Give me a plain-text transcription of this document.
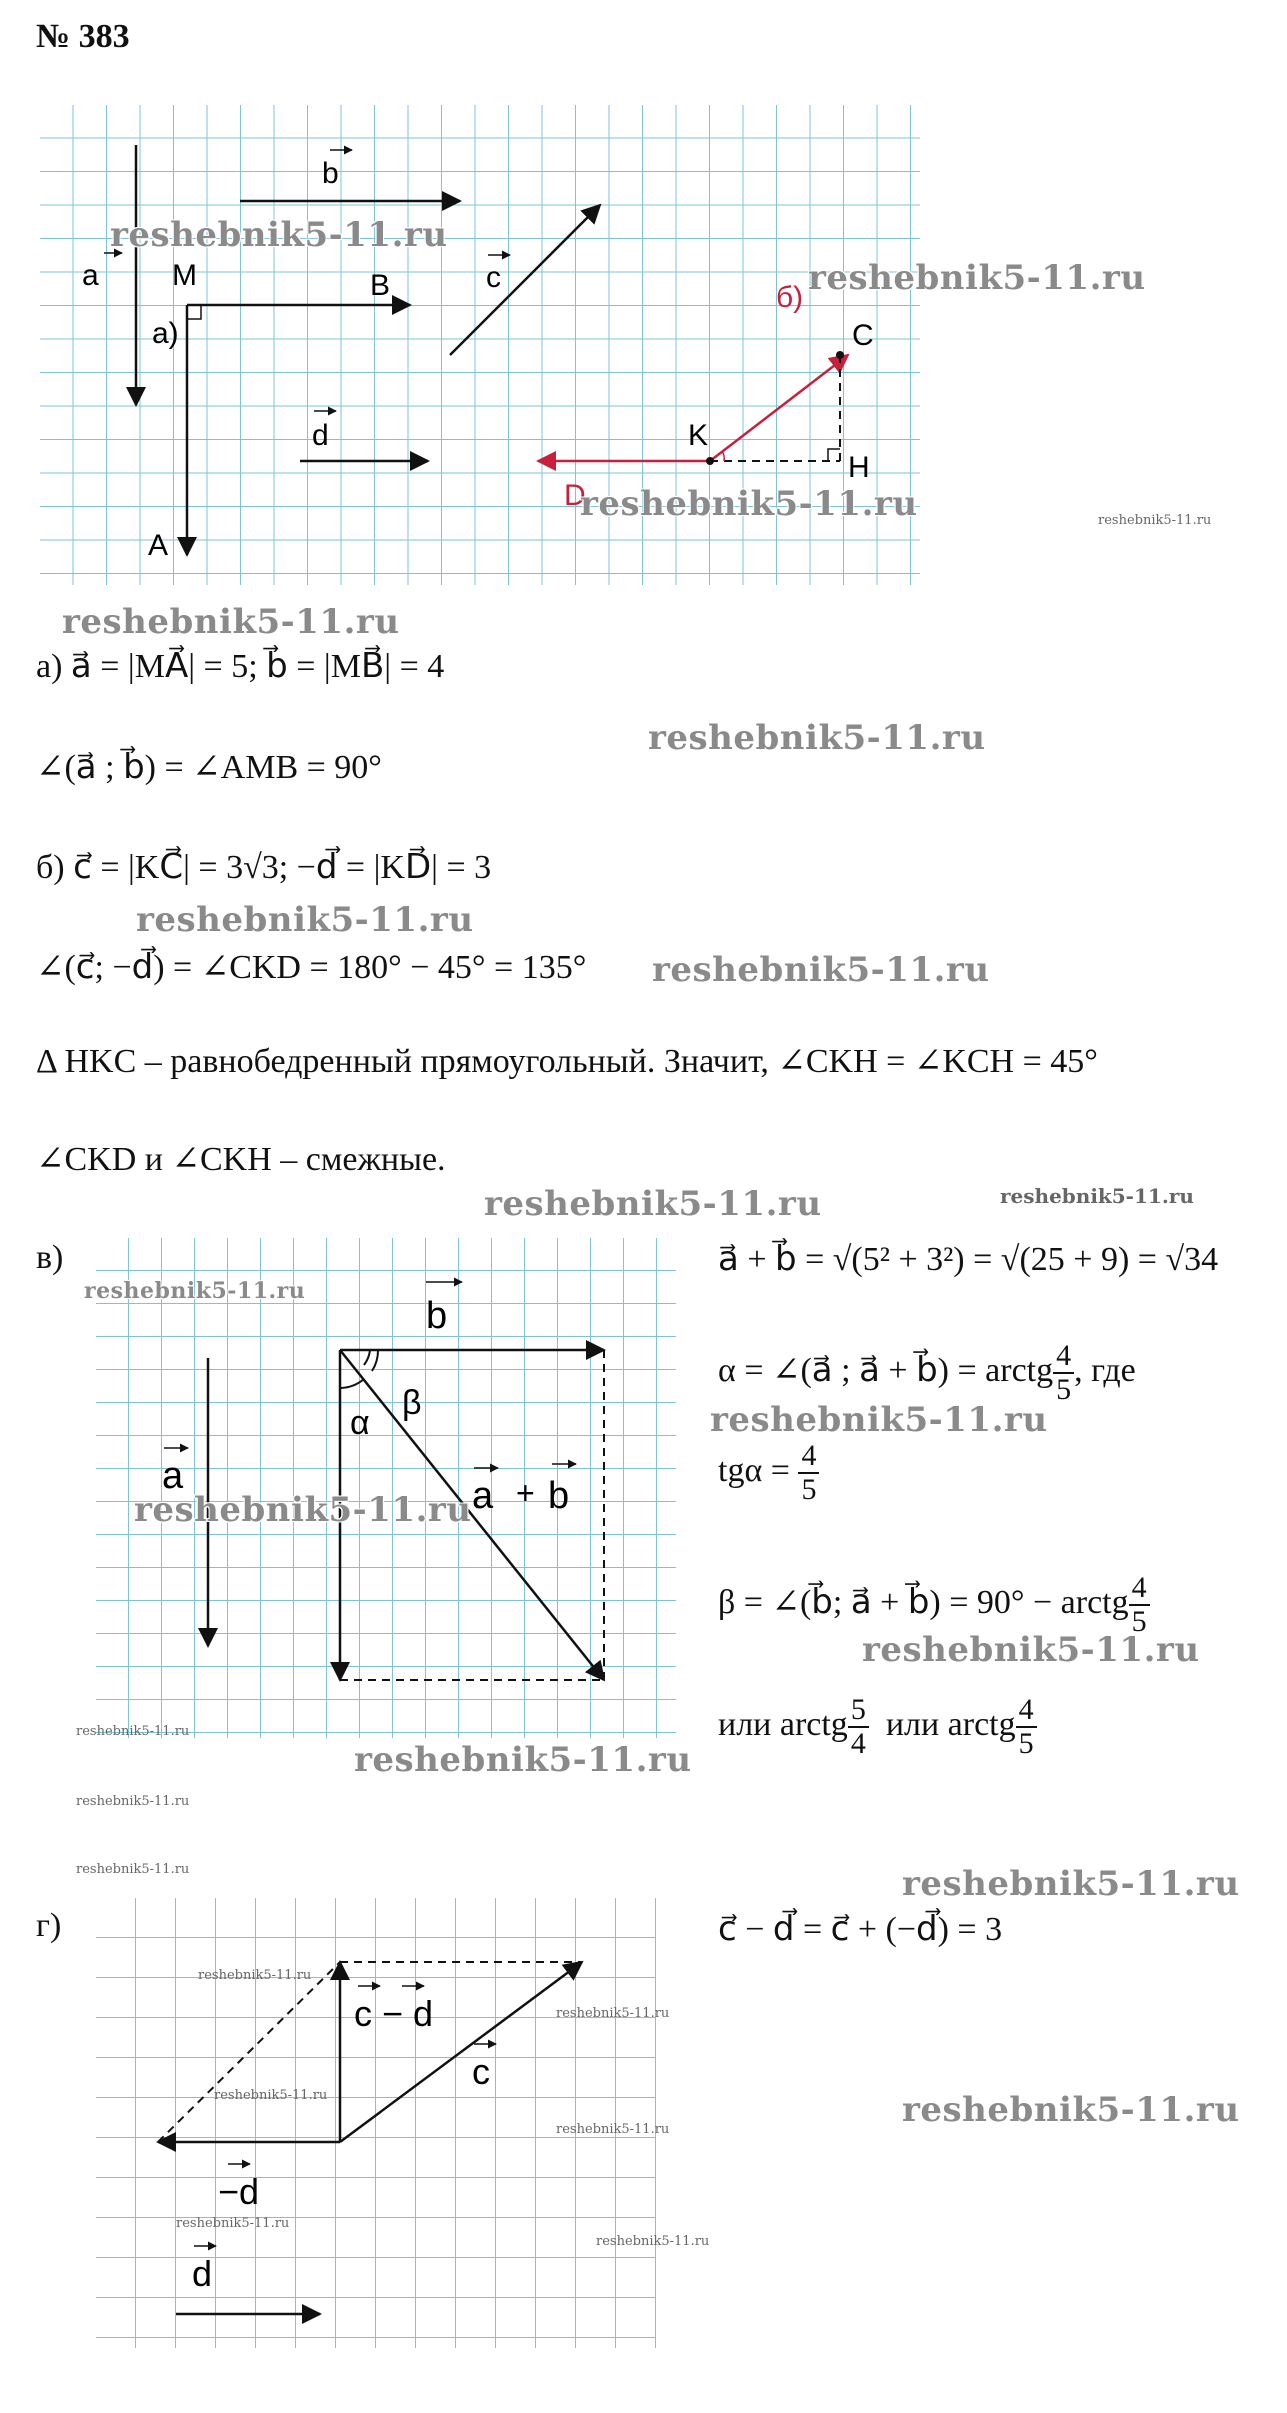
№ 383
a
b
M	B
A
а)
c
d
б)
C
K
H
D
reshebnik5-11.ru
reshebnik5-11.ru
reshebnik5-11.ru	reshebnik5-11.ru
reshebnik5-11.ru
а) a⃗ = |MA⃗| = 5; b⃗ = |MB⃗| = 4
reshebnik5-11.ru
∠(a⃗ ; b⃗) = ∠AMB = 90°
б) c⃗ = |KC⃗| = 3√3; −d⃗ = |KD⃗| = 3
reshebnik5-11.ru
∠(c⃗; −d⃗) = ∠CKD = 180° − 45° = 135° reshebnik5-11.ru
Δ HKC – равнобедренный прямоугольный. Значит, ∠CKH = ∠KCH = 45°
∠CKD и ∠CKH – смежные.
reshebnik5-11.ru	reshebnik5-11.ru
в)
a
b
α
β
a + b
reshebnik5-11.ru
reshebnik5-11.ru
reshebnik5-11.ru
reshebnik5-11.ru
reshebnik5-11.ru
reshebnik5-11.ru
a⃗ + b⃗ = √(5² + 3²) = √(25 + 9) = √34
α = ∠(a⃗ ; a⃗ + b⃗) = arctg $\frac{4}{5}$ , где
reshebnik5-11.ru
$tg\alpha = \frac{4}{5}$
β = ∠(b⃗; a⃗ + b⃗) = 90° − arctg $\frac{4}{5}$
reshebnik5-11.ru
или arctg $\frac{5}{4}$ или arctg $\frac{4}{5}$
reshebnik5-11.ru
г)	c⃗ − d⃗ = c⃗ + (−d⃗) = 3
reshebnik5-11.ru
c − d
c
−d
d
reshebnik5-11.ru
reshebnik5-11.ru
reshebnik5-11.ru
reshebnik5-11.ru
reshebnik5-11.ru
reshebnik5-11.ru
